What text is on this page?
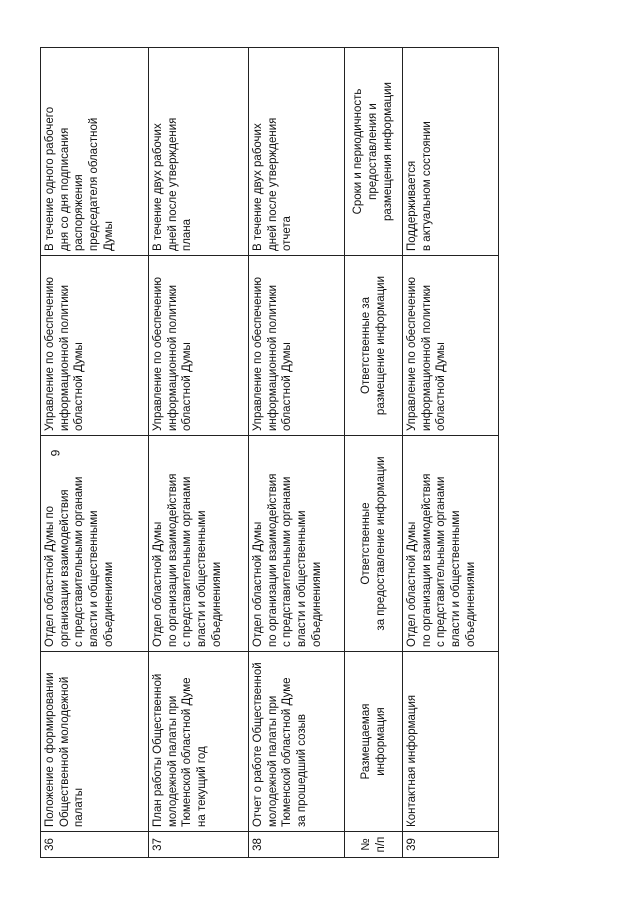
9
36	Положение о формировании
Общественной молодежной
палаты	Отдел областной Думы по
организации взаимодействия
с представительными органами
власти и общественными
объединениями	Управление по обеспечению
информационной политики
областной Думы	В течение одного рабочего
дня со дня подписания
распоряжения
председателя областной
Думы
37	План работы Общественной
молодежной палаты при
Тюменской областной Думе
на текущий год	Отдел областной Думы
по организации взаимодействия
с представительными органами
власти и общественными
объединениями	Управление по обеспечению
информационной политики
областной Думы	В течение двух рабочих
дней после утверждения
плана
38	Отчет о работе Общественной
молодежной палаты при
Тюменской областной Думе
за прошедший созыв	Отдел областной Думы
по организации взаимодействия
с представительными органами
власти и общественными
объединениями	Управление по обеспечению
информационной политики
областной Думы	В течение двух рабочих
дней после утверждения
отчета
№
п/п	Размещаемая
информация	Ответственные
за предоставление информации	Ответственные за
размещение информации	Сроки и периодичность
предоставления и
размещения информации
39	Контактная информация	Отдел областной Думы
по организации взаимодействия
с представительными органами
власти и общественными
объединениями	Управление по обеспечению
информационной политики
областной Думы	Поддерживается
в актуальном состоянии
